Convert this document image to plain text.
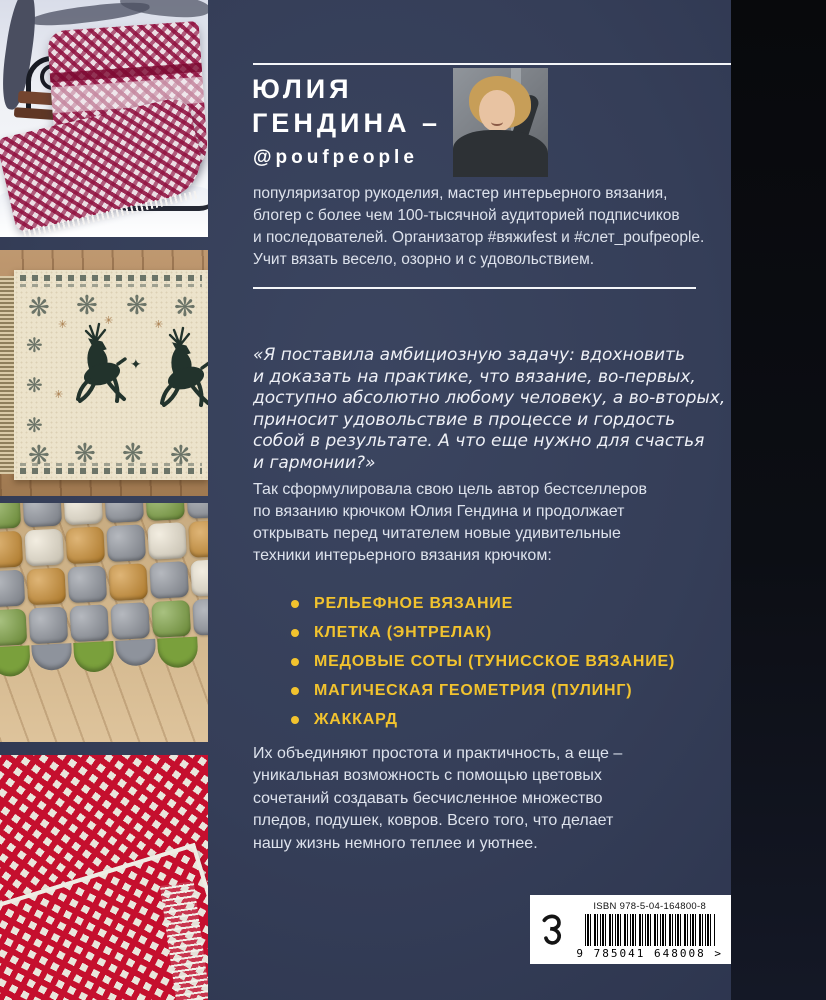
❋
❋
❋
❋
❋
❋
❋
✳
✳
✳
✳
❋
❋
❋
❋
✦
ЮЛИЯ
ГЕНДИНА –
@poufpeople
популяризатор рукоделия, мастер интерьерного вязания,
блогер с более чем 100-тысячной аудиторией подписчиков
и последователей. Организатор #вяжиfest и #слет_poufpeople.
Учит вязать весело, озорно и с удовольствием.
«Я поставила амбициозную задачу: вдохновить
и доказать на практике, что вязание, во-первых,
доступно абсолютно любому человеку, а во-вторых,
приносит удовольствие в процессе и гордость
собой в результате. А что еще нужно для счастья
и гармонии?»
Так сформулировала свою цель автор бестселлеров
по вязанию крючком Юлия Гендина и продолжает
открывать перед читателем новые удивительные
техники интерьерного вязания крючком:
РЕЛЬЕФНОЕ ВЯЗАНИЕ
КЛЕТКА (ЭНТРЕЛАК)
МЕДОВЫЕ СОТЫ (ТУНИССКОЕ ВЯЗАНИЕ)
МАГИЧЕСКАЯ ГЕОМЕТРИЯ (ПУЛИНГ)
ЖАККАРД
Их объединяют простота и практичность, а еще –
уникальная возможность с помощью цветовых
сочетаний создавать бесчисленное множество
пледов, подушек, ковров. Всего того, что делает
нашу жизнь немного теплее и уютнее.
ISBN 978-5-04-164800-8
9 785041 648008 >
